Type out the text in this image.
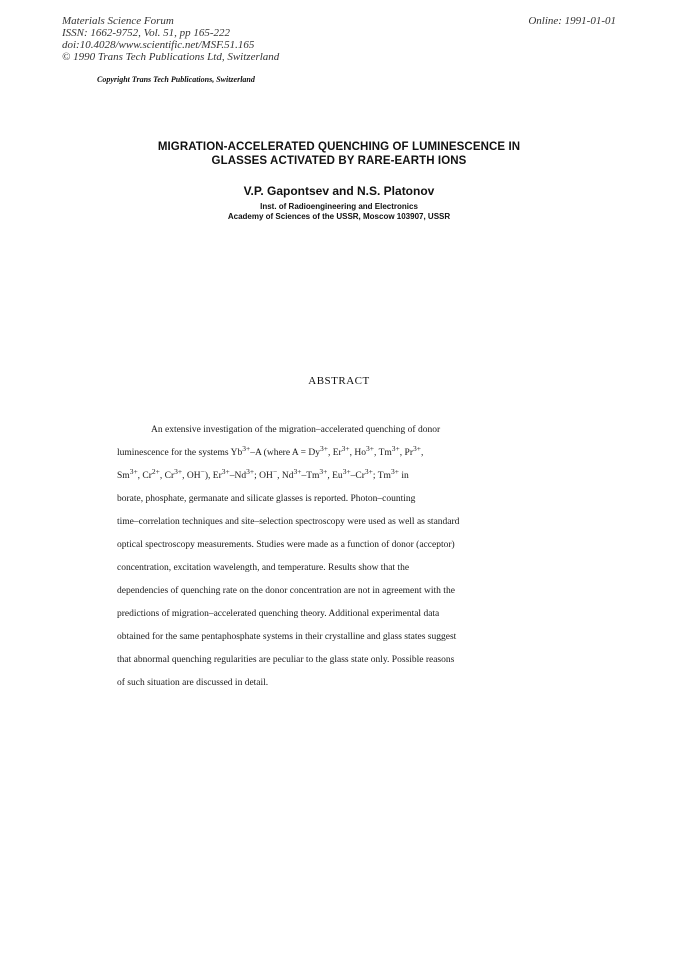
Materials Science Forum
ISSN: 1662-9752, Vol. 51, pp 165-222
doi:10.4028/www.scientific.net/MSF.51.165
© 1990 Trans Tech Publications Ltd, Switzerland
Online: 1991-01-01
Copyright Trans Tech Publications, Switzerland
MIGRATION-ACCELERATED QUENCHING OF LUMINESCENCE IN
GLASSES ACTIVATED BY RARE-EARTH IONS
V.P. Gapontsev and N.S. Platonov
Inst. of Radioengineering and Electronics
Academy of Sciences of the USSR, Moscow 103907, USSR
ABSTRACT
An extensive investigation of the migration–accelerated quenching of donor
luminescence for the systems $Yb^{3+}-A$ (where $A = Dy^{3+}$, $Er^{3+}$, $Ho^{3+}$, $Tm^{3+}$, $Pr^{3+}$,
$Sm^{3+}$, $Cr^{2+}$, $Cr^{3+}$, OH−), $Er^{3+}-Nd^{3+}$; OH−, $Nd^{3+}-Tm^{3+}$, $Eu^{3+}-Cr^{3+}$; $Tm^{3+}$ in
borate, phosphate, germanate and silicate glasses is reported. Photon–counting
time–correlation techniques and site–selection spectroscopy were used as well as standard
optical spectroscopy measurements. Studies were made as a function of donor (acceptor)
concentration, excitation wavelength, and temperature. Results show that the
dependencies of quenching rate on the donor concentration are not in agreement with the
predictions of migration–accelerated quenching theory. Additional experimental data
obtained for the same pentaphosphate systems in their crystalline and glass states suggest
that abnormal quenching regularities are peculiar to the glass state only. Possible reasons
of such situation are discussed in detail.
